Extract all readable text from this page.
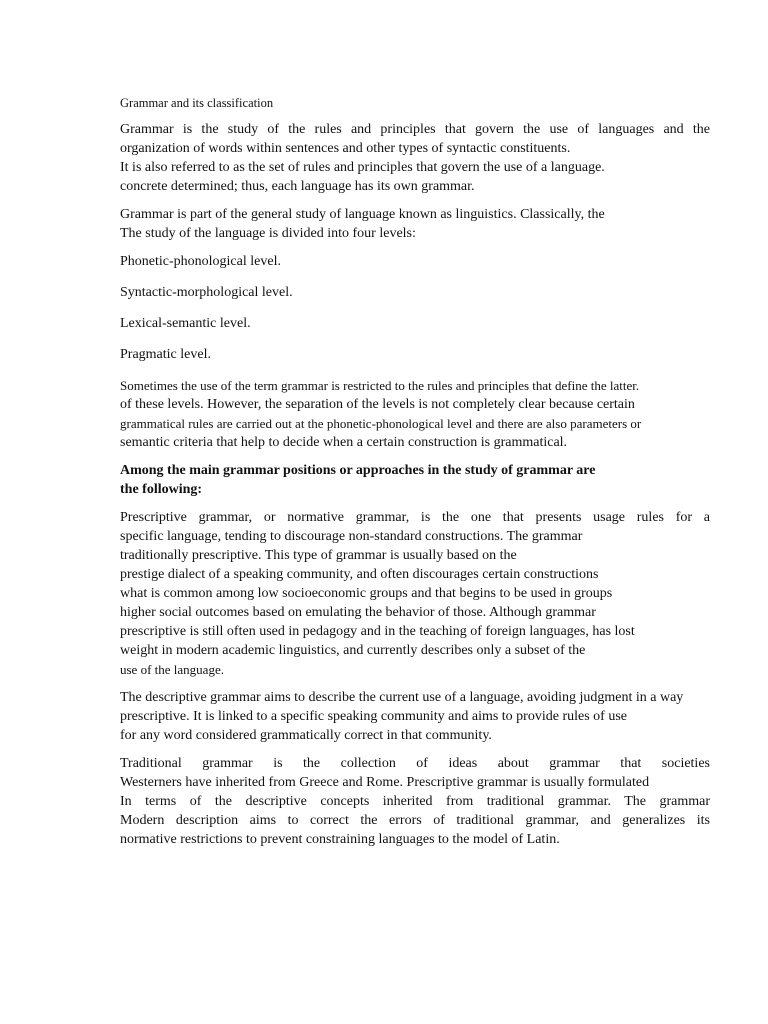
Grammar and its classification
Grammar is the study of the rules and principles that govern the use of languages and the
organization of words within sentences and other types of syntactic constituents.
It is also referred to as the set of rules and principles that govern the use of a language.
concrete determined; thus, each language has its own grammar.
Grammar is part of the general study of language known as linguistics. Classically, the
The study of the language is divided into four levels:
Phonetic-phonological level.
Syntactic-morphological level.
Lexical-semantic level.
Pragmatic level.
Sometimes the use of the term grammar is restricted to the rules and principles that define the latter.
of these levels. However, the separation of the levels is not completely clear because certain
grammatical rules are carried out at the phonetic-phonological level and there are also parameters or
semantic criteria that help to decide when a certain construction is grammatical.
Among the main grammar positions or approaches in the study of grammar are
the following:
Prescriptive grammar, or normative grammar, is the one that presents usage rules for a
specific language, tending to discourage non-standard constructions. The grammar
traditionally prescriptive. This type of grammar is usually based on the
prestige dialect of a speaking community, and often discourages certain constructions
what is common among low socioeconomic groups and that begins to be used in groups
higher social outcomes based on emulating the behavior of those. Although grammar
prescriptive is still often used in pedagogy and in the teaching of foreign languages, has lost
weight in modern academic linguistics, and currently describes only a subset of the
use of the language.
The descriptive grammar aims to describe the current use of a language, avoiding judgment in a way
prescriptive. It is linked to a specific speaking community and aims to provide rules of use
for any word considered grammatically correct in that community.
Traditional grammar is the collection of ideas about grammar that societies
Westerners have inherited from Greece and Rome. Prescriptive grammar is usually formulated
In terms of the descriptive concepts inherited from traditional grammar. The grammar
Modern description aims to correct the errors of traditional grammar, and generalizes its
normative restrictions to prevent constraining languages to the model of Latin.
